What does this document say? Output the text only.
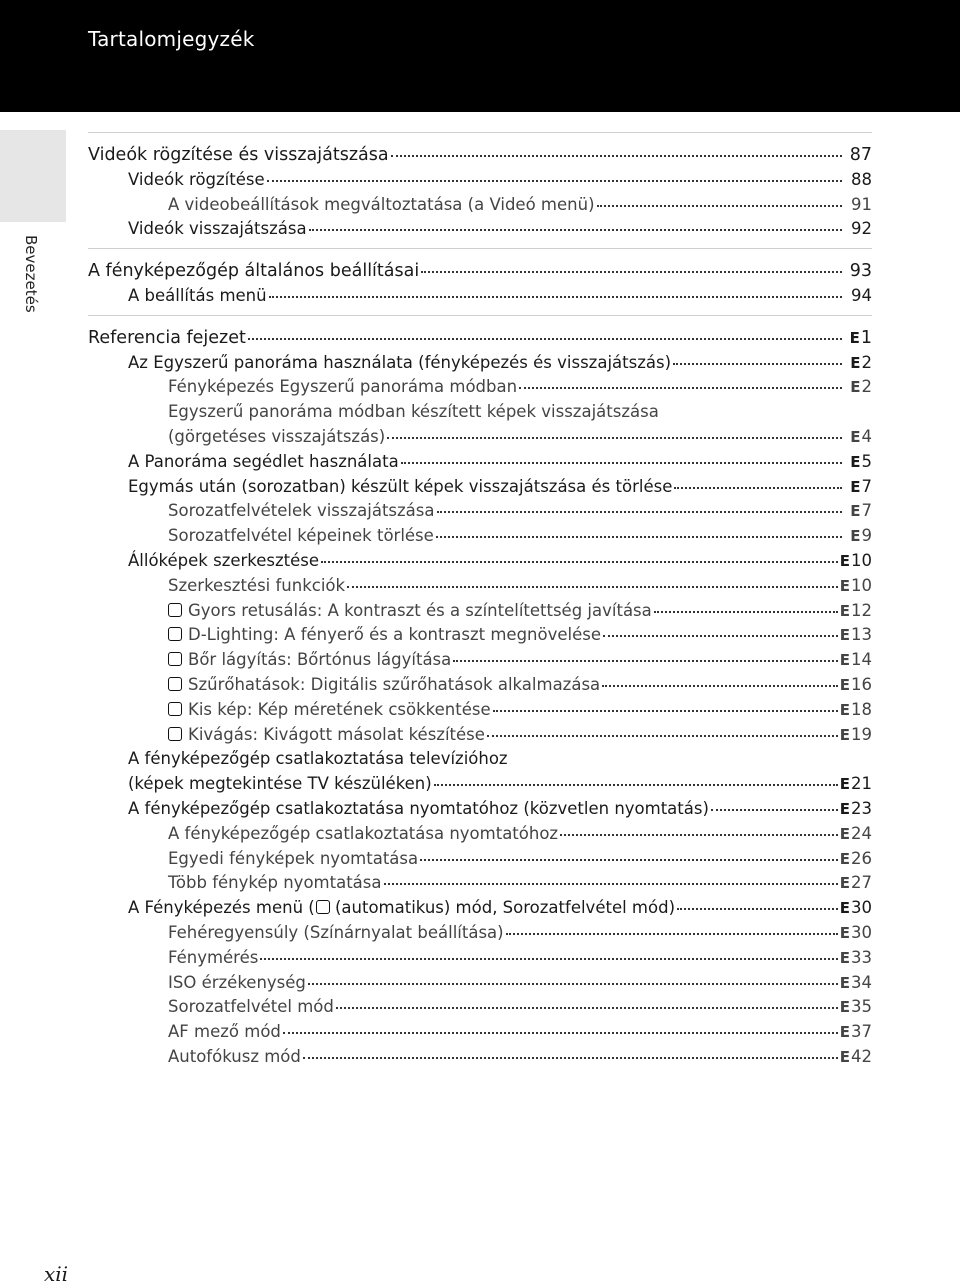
Tartalomjegyzék
Bevezetés
Videók rögzítése és visszajátszása	87
Videók rögzítése	88
A videobeállítások megváltoztatása (a Videó menü)	91
Videók visszajátszása	92
A fényképezőgép általános beállításai	93
A beállítás menü	94
Referencia fejezet	E1
Az Egyszerű panoráma használata (fényképezés és visszajátszás)	E2
Fényképezés Egyszerű panoráma módban	E2
Egyszerű panoráma módban készített képek visszajátszása
(görgetéses visszajátszás)	E4
A Panoráma segédlet használata	E5
Egymás után (sorozatban) készült képek visszajátszása és törlése	E7
Sorozatfelvételek visszajátszása	E7
Sorozatfelvétel képeinek törlése	E9
Állóképek szerkesztése	E10
Szerkesztési funkciók	E10
Gyors retusálás: A kontraszt és a színtelítettség javítása	E12
D-Lighting: A fényerő és a kontraszt megnövelése	E13
Bőr lágyítás: Bőrtónus lágyítása	E14
Szűrőhatások: Digitális szűrőhatások alkalmazása	E16
Kis kép: Kép méretének csökkentése	E18
Kivágás: Kivágott másolat készítése	E19
A fényképezőgép csatlakoztatása televízióhoz
(képek megtekintése TV készüléken)	E21
A fényképezőgép csatlakoztatása nyomtatóhoz (közvetlen nyomtatás)	E23
A fényképezőgép csatlakoztatása nyomtatóhoz	E24
Egyedi fényképek nyomtatása	E26
Több fénykép nyomtatása	E27
A Fényképezés menü ( (automatikus) mód, Sorozatfelvétel mód)	E30
Fehéregyensúly (Színárnyalat beállítása)	E30
Fénymérés	E33
ISO érzékenység	E34
Sorozatfelvétel mód	E35
AF mező mód	E37
Autofókusz mód	E42
xii
